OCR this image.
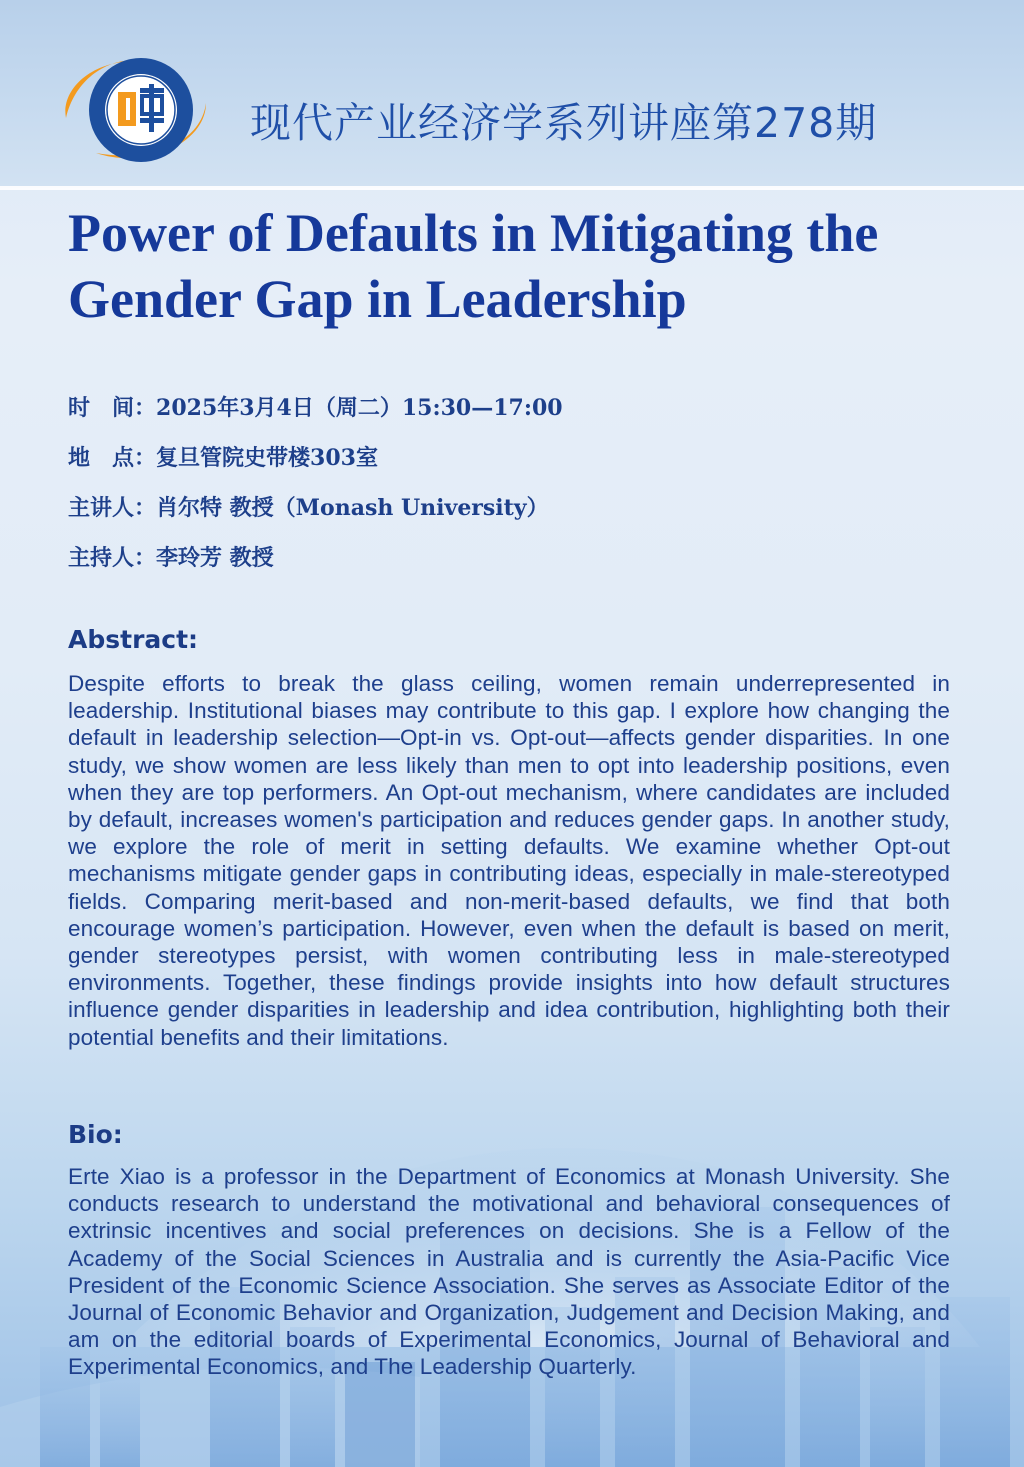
现代产业经济学系列讲座第278期
Power of Defaults in Mitigating the Gender Gap in Leadership
时　间：2025年3月4日（周二）15:30—17:00
地　点：复旦管院史带楼303室
主讲人：肖尔特 教授（Monash University）
主持人：李玲芳 教授
Abstract:
Despite efforts to break the glass ceiling, women remain underrepresented in leadership. Institutional biases may contribute to this gap. I explore how changing the default in leadership selection—Opt-in vs. Opt-out—affects gender disparities. In one study, we show women are less likely than men to opt into leadership positions, even when they are top performers. An Opt-out mechanism, where candidates are included by default, increases women's participation and reduces gender gaps. In another study, we explore the role of merit in setting defaults. We examine whether Opt-out mechanisms mitigate gender gaps in contributing ideas, especially in male-stereotyped fields. Comparing merit-based and non-merit-based defaults, we find that both encourage women’s participation. However, even when the default is based on merit, gender stereotypes persist, with women contributing less in male-stereotyped environments. Together, these findings provide insights into how default structures influence gender disparities in leadership and idea contribution, highlighting both their potential benefits and their limitations.
Bio:
Erte Xiao is a professor in the Department of Economics at Monash University. She conducts research to understand the motivational and behavioral consequences of extrinsic incentives and social preferences on decisions. She is a Fellow of the Academy of the Social Sciences in Australia and is currently the Asia-Pacific Vice President of the Economic Science Association. She serves as Associate Editor of the Journal of Economic Behavior and Organization, Judgement and Decision Making, and am on the editorial boards of Experimental Economics, Journal of Behavioral and Experimental Economics, and The Leadership Quarterly.
